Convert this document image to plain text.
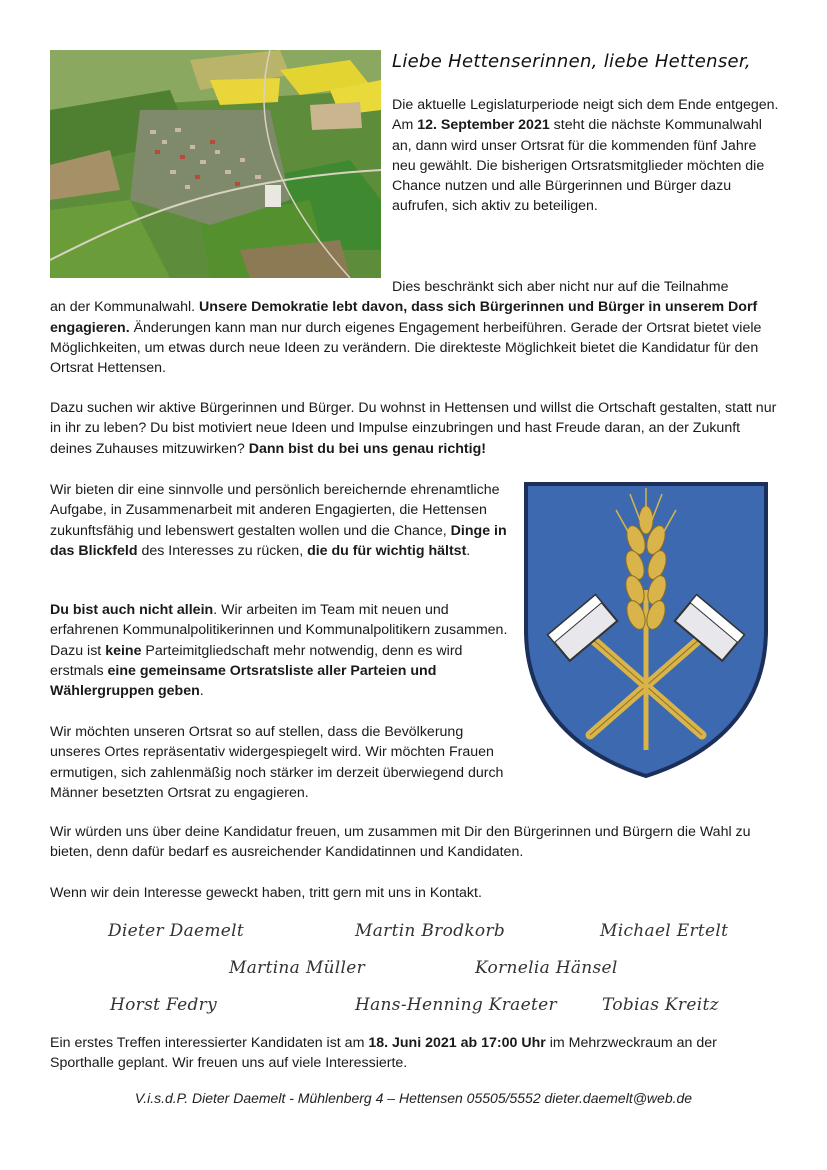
Liebe Hettenserinnen, liebe Hettenser,

Die aktuelle Legislaturperiode neigt sich dem Ende entgegen.
Am 12. September 2021 steht die nächste Kommunalwahl an, dann wird unser Ortsrat für die kommenden fünf Jahre neu gewählt. Die bisherigen Ortsratsmitglieder möchten die Chance nutzen und alle Bürgerinnen und Bürger dazu aufrufen, sich aktiv zu beteiligen.

Dies beschränkt sich aber nicht nur auf die Teilnahme
an der Kommunalwahl. Unsere Demokratie lebt davon, dass sich Bürgerinnen und Bürger in unserem Dorf engagieren. Änderungen kann man nur durch eigenes Engagement herbeiführen. Gerade der Ortsrat bietet viele Möglichkeiten, um etwas durch neue Ideen zu verändern. Die direkteste Möglichkeit bietet die Kandidatur für den Ortsrat Hettensen.

Dazu suchen wir aktive Bürgerinnen und Bürger. Du wohnst in Hettensen und willst die Ortschaft gestalten, statt nur in ihr zu leben? Du bist motiviert neue Ideen und Impulse einzubringen und hast Freude daran, an der Zukunft deines Zuhauses mitzuwirken? Dann bist du bei uns genau richtig!

Wir bieten dir eine sinnvolle und persönlich bereichernde ehrenamtliche Aufgabe, in Zusammenarbeit mit anderen Engagierten, die Hettensen zukunftsfähig und lebenswert gestalten wollen und die Chance, Dinge in das Blickfeld des Interesses zu rücken, die du für wichtig hältst.

Du bist auch nicht allein. Wir arbeiten im Team mit neuen und erfahrenen Kommunalpolitikerinnen und Kommunalpolitikern zusammen. Dazu ist keine Parteimitgliedschaft mehr notwendig, denn es wird erstmals eine gemeinsame Ortsratsliste aller Parteien und Wählergruppen geben.

Wir möchten unseren Ortsrat so auf stellen, dass die Bevölkerung unseres Ortes repräsentativ widergespiegelt wird. Wir möchten Frauen ermutigen, sich zahlenmäßig noch stärker im derzeit überwiegend durch Männer besetzten Ortsrat zu engagieren.

Wir würden uns über deine Kandidatur freuen, um zusammen mit Dir den Bürgerinnen und Bürgern die Wahl zu bieten, denn dafür bedarf es ausreichender Kandidatinnen und Kandidaten.

Wenn wir dein Interesse geweckt haben, tritt gern mit uns in Kontakt.

Dieter Daemelt	Martin Brodkorb	Michael Ertelt
Martina Müller	Kornelia Hänsel
Horst Fedry	Hans-Henning Kraeter	Tobias Kreitz

Ein erstes Treffen interessierter Kandidaten ist am 18. Juni 2021 ab 17:00 Uhr im Mehrzweckraum an der Sporthalle geplant. Wir freuen uns auf viele Interessierte.

V.i.s.d.P. Dieter Daemelt - Mühlenberg 4 – Hettensen 05505/5552 dieter.daemelt@web.de
